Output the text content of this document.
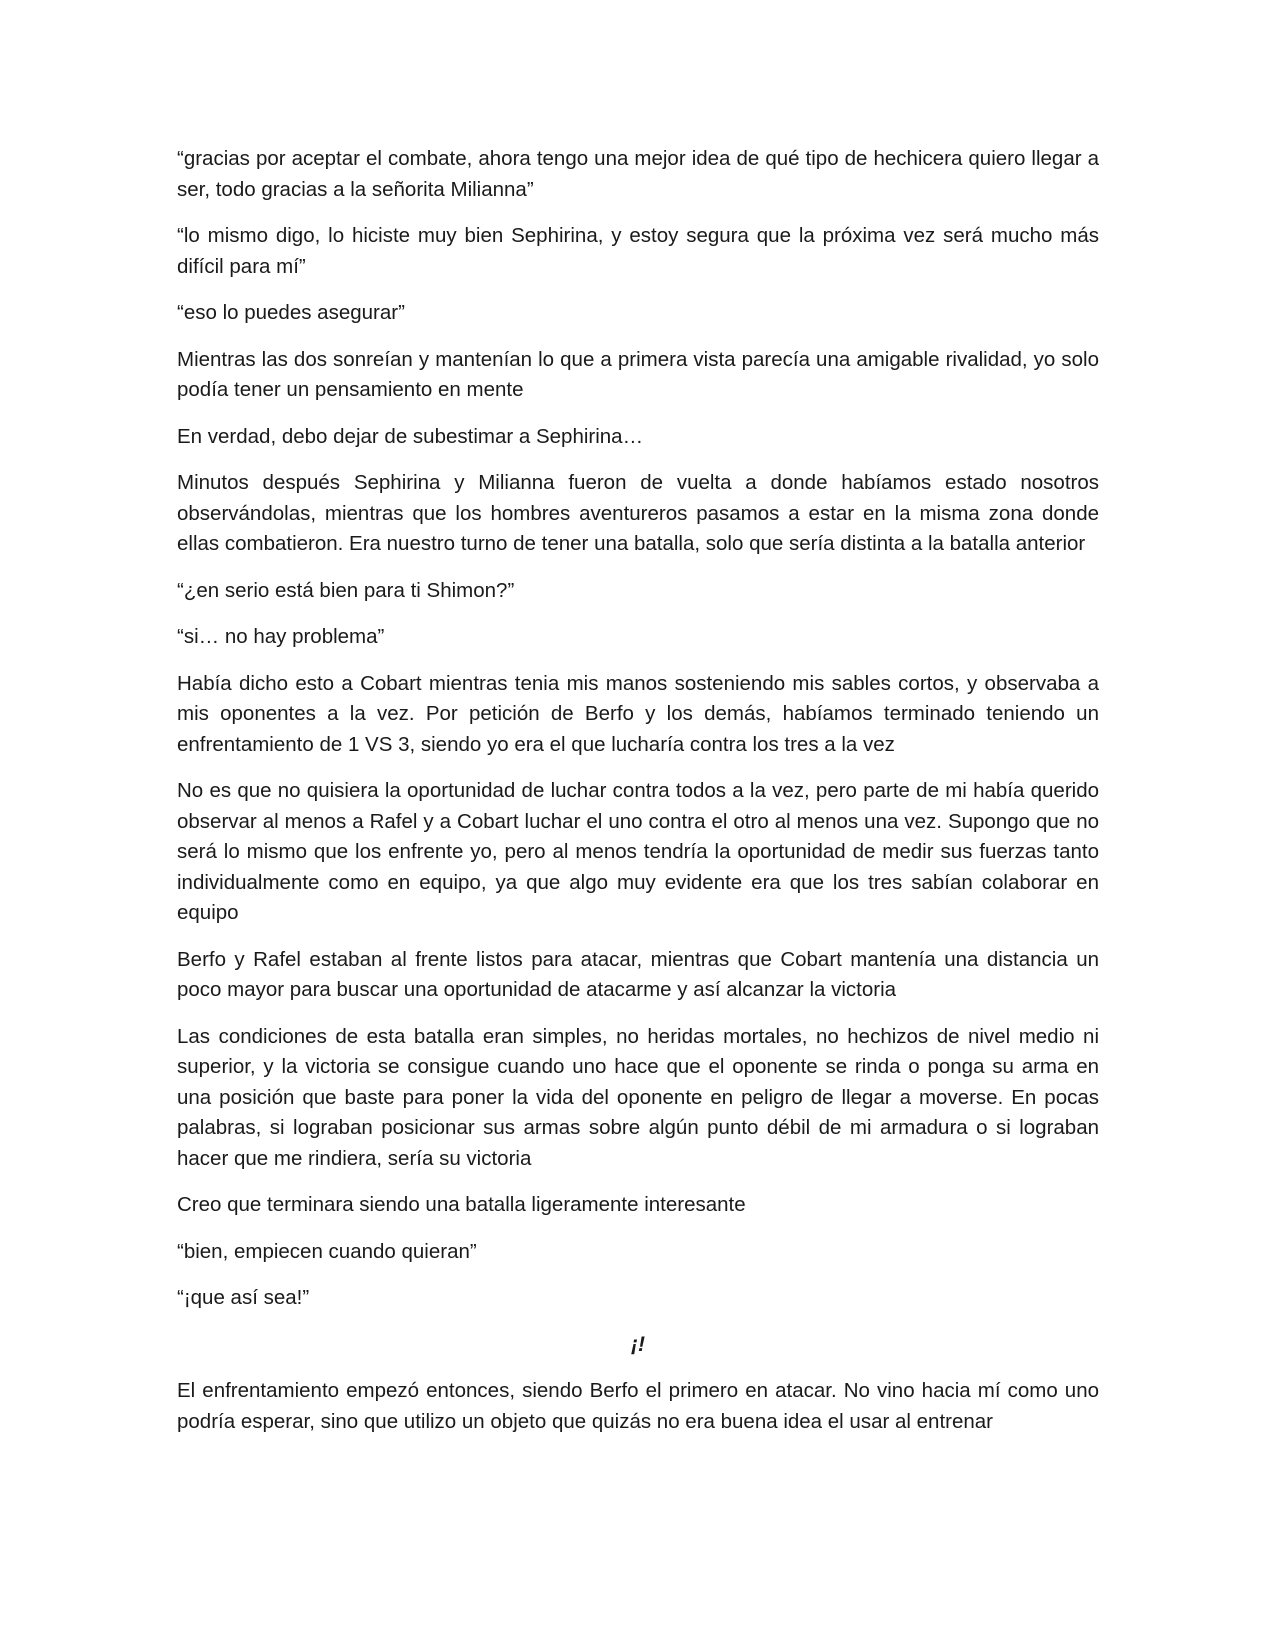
“gracias por aceptar el combate, ahora tengo una mejor idea de qué tipo de hechicera quiero llegar a ser, todo gracias a la señorita Milianna”

“lo mismo digo, lo hiciste muy bien Sephirina, y estoy segura que la próxima vez será mucho más difícil para mí”

“eso lo puedes asegurar”

Mientras las dos sonreían y mantenían lo que a primera vista parecía una amigable rivalidad, yo solo podía tener un pensamiento en mente

En verdad, debo dejar de subestimar a Sephirina…

Minutos después Sephirina y Milianna fueron de vuelta a donde habíamos estado nosotros observándolas, mientras que los hombres aventureros pasamos a estar en la misma zona donde ellas combatieron. Era nuestro turno de tener una batalla, solo que sería distinta a la batalla anterior

“¿en serio está bien para ti Shimon?”

“si… no hay problema”

Había dicho esto a Cobart mientras tenia mis manos sosteniendo mis sables cortos, y observaba a mis oponentes a la vez. Por petición de Berfo y los demás, habíamos terminado teniendo un enfrentamiento de 1 VS 3, siendo yo era el que lucharía contra los tres a la vez

No es que no quisiera la oportunidad de luchar contra todos a la vez, pero parte de mi había querido observar al menos a Rafel y a Cobart luchar el uno contra el otro al menos una vez. Supongo que no será lo mismo que los enfrente yo, pero al menos tendría la oportunidad de medir sus fuerzas tanto individualmente como en equipo, ya que algo muy evidente era que los tres sabían colaborar en equipo

Berfo y Rafel estaban al frente listos para atacar, mientras que Cobart mantenía una distancia un poco mayor para buscar una oportunidad de atacarme y así alcanzar la victoria

Las condiciones de esta batalla eran simples, no heridas mortales, no hechizos de nivel medio ni superior, y la victoria se consigue cuando uno hace que el oponente se rinda o ponga su arma en una posición que baste para poner la vida del oponente en peligro de llegar a moverse. En pocas palabras, si lograban posicionar sus armas sobre algún punto débil de mi armadura o si lograban hacer que me rindiera, sería su victoria

Creo que terminara siendo una batalla ligeramente interesante

“bien, empiecen cuando quieran”

“¡que así sea!”

¡!

El enfrentamiento empezó entonces, siendo Berfo el primero en atacar. No vino hacia mí como uno podría esperar, sino que utilizo un objeto que quizás no era buena idea el usar al entrenar
